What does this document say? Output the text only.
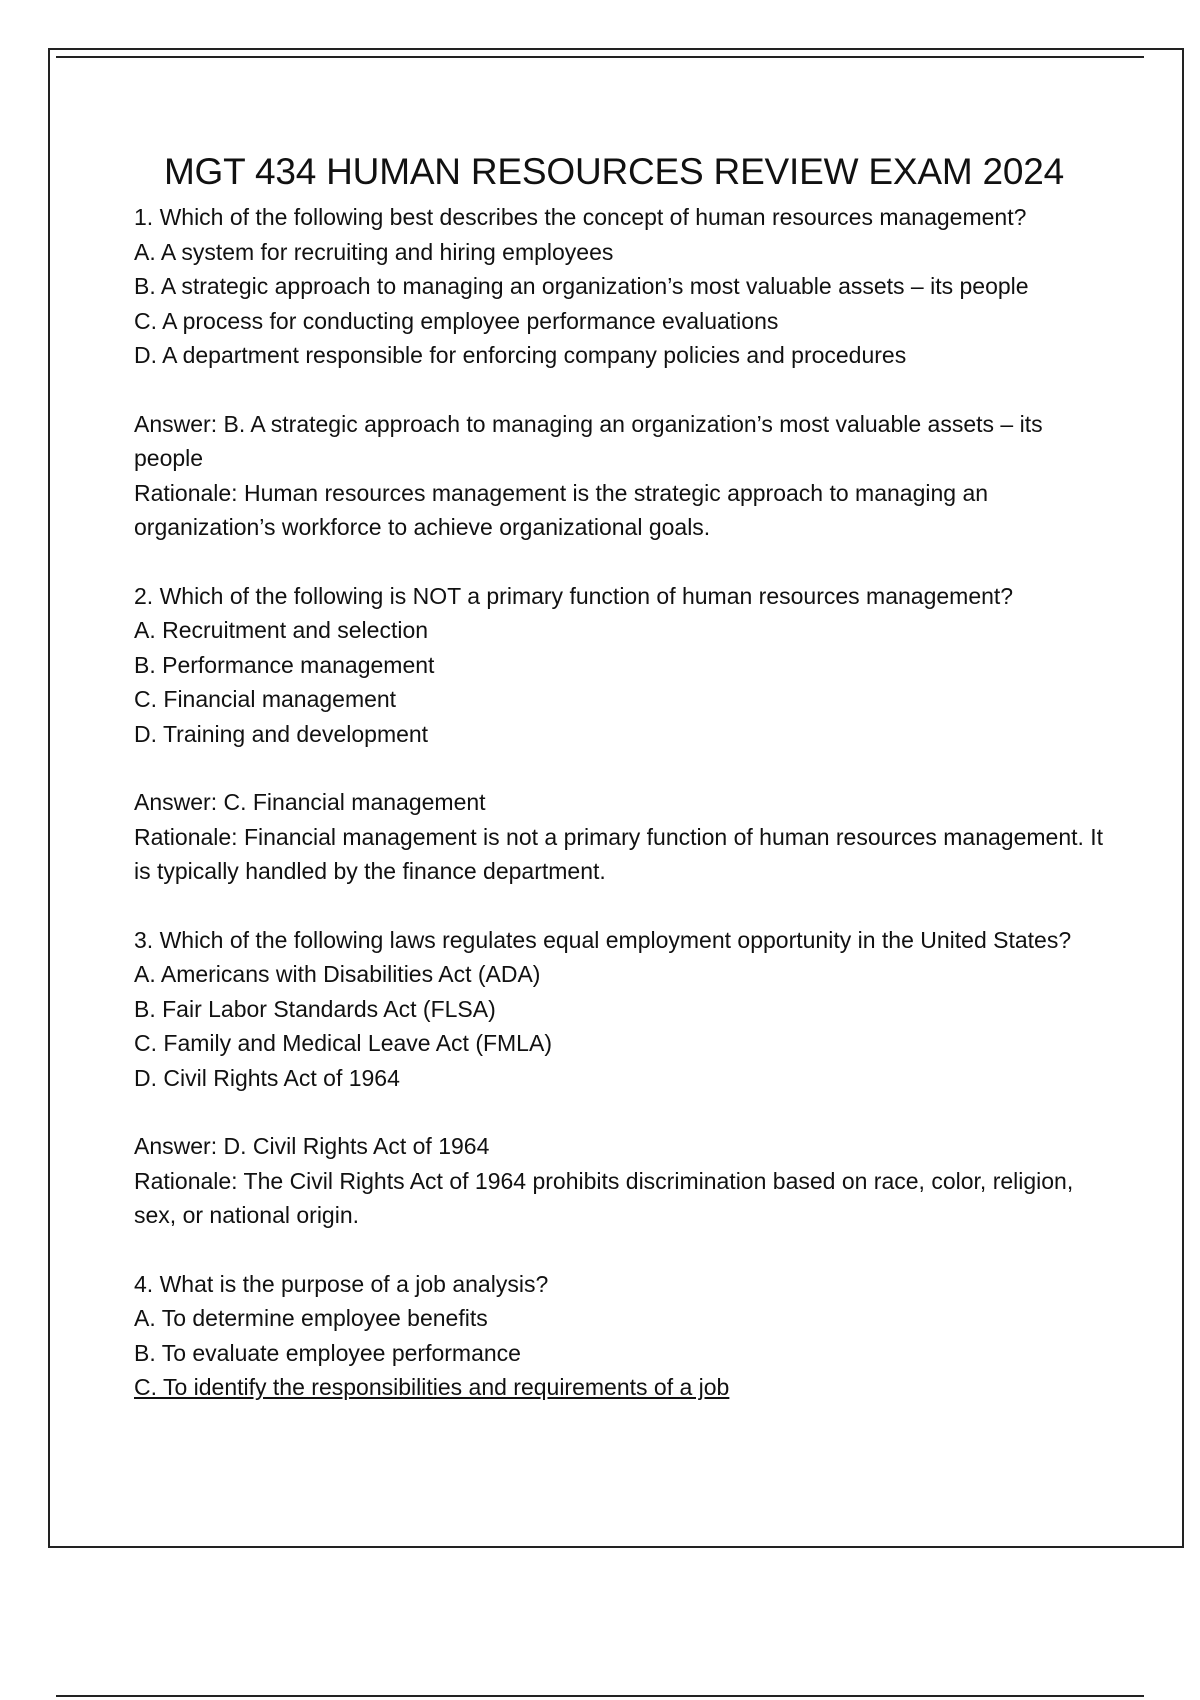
MGT 434 HUMAN RESOURCES REVIEW EXAM 2024

1. Which of the following best describes the concept of human resources management?

A. A system for recruiting and hiring employees

B. A strategic approach to managing an organization’s most valuable assets – its people

C. A process for conducting employee performance evaluations

D. A department responsible for enforcing company policies and procedures

Answer: B. A strategic approach to managing an organization’s most valuable assets – its people

Rationale: Human resources management is the strategic approach to managing an organization’s workforce to achieve organizational goals.

2. Which of the following is NOT a primary function of human resources management?

A. Recruitment and selection

B. Performance management

C. Financial management

D. Training and development

Answer: C. Financial management

Rationale: Financial management is not a primary function of human resources management. It is typically handled by the finance department.

3. Which of the following laws regulates equal employment opportunity in the United States?

A. Americans with Disabilities Act (ADA)

B. Fair Labor Standards Act (FLSA)

C. Family and Medical Leave Act (FMLA)

D. Civil Rights Act of 1964

Answer: D. Civil Rights Act of 1964

Rationale: The Civil Rights Act of 1964 prohibits discrimination based on race, color, religion, sex, or national origin.

4. What is the purpose of a job analysis?

A. To determine employee benefits

B. To evaluate employee performance

C. To identify the responsibilities and requirements of a job
